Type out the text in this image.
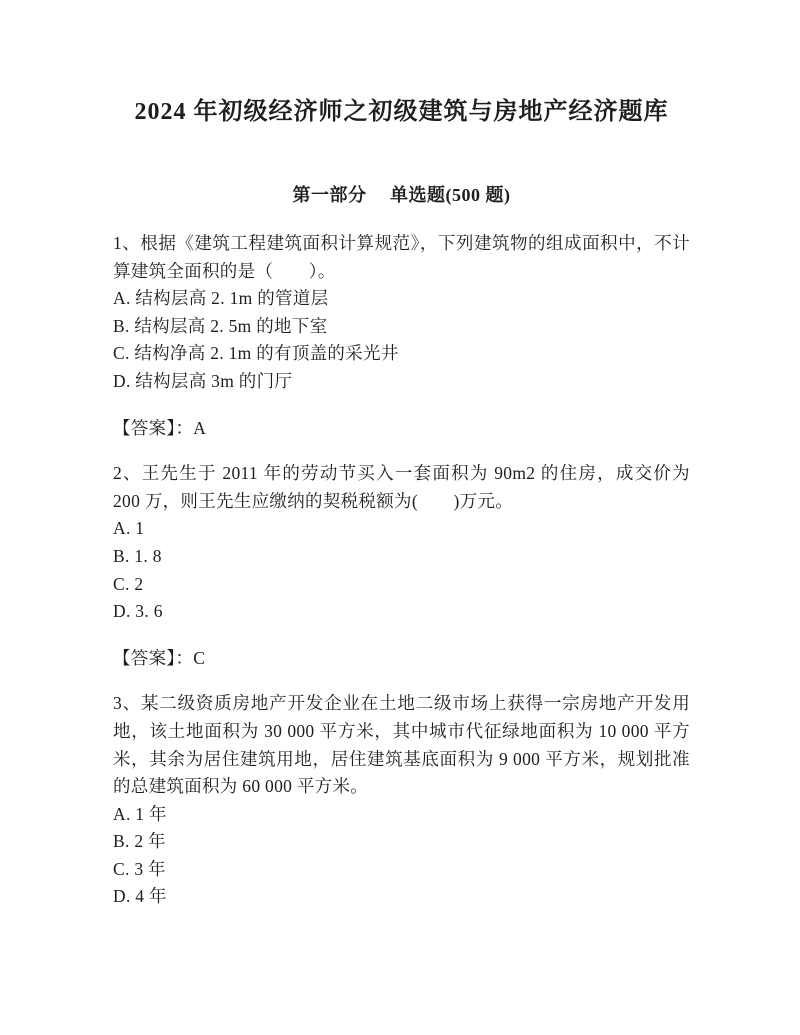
2024 年初级经济师之初级建筑与房地产经济题库
第一部分　 单选题(500 题)

1、根据《建筑工程建筑面积计算规范》，下列建筑物的组成面积中，不计算建筑全面积的是（　　）。

A. 结构层高 2. 1m 的管道层

B. 结构层高 2. 5m 的地下室

C. 结构净高 2. 1m 的有顶盖的采光井

D. 结构层高 3m 的门厅

【答案】：A

2、王先生于 2011 年的劳动节买入一套面积为 90m2 的住房，成交价为 200 万，则王先生应缴纳的契税税额为(　　)万元。

A. 1

B. 1. 8

C. 2

D. 3. 6

【答案】：C

3、某二级资质房地产开发企业在土地二级市场上获得一宗房地产开发用地，该土地面积为 30 000 平方米，其中城市代征绿地面积为 10 000 平方米，其余为居住建筑用地，居住建筑基底面积为 9 000 平方米，规划批准的总建筑面积为 60 000 平方米。

A. 1 年

B. 2 年

C. 3 年

D. 4 年
